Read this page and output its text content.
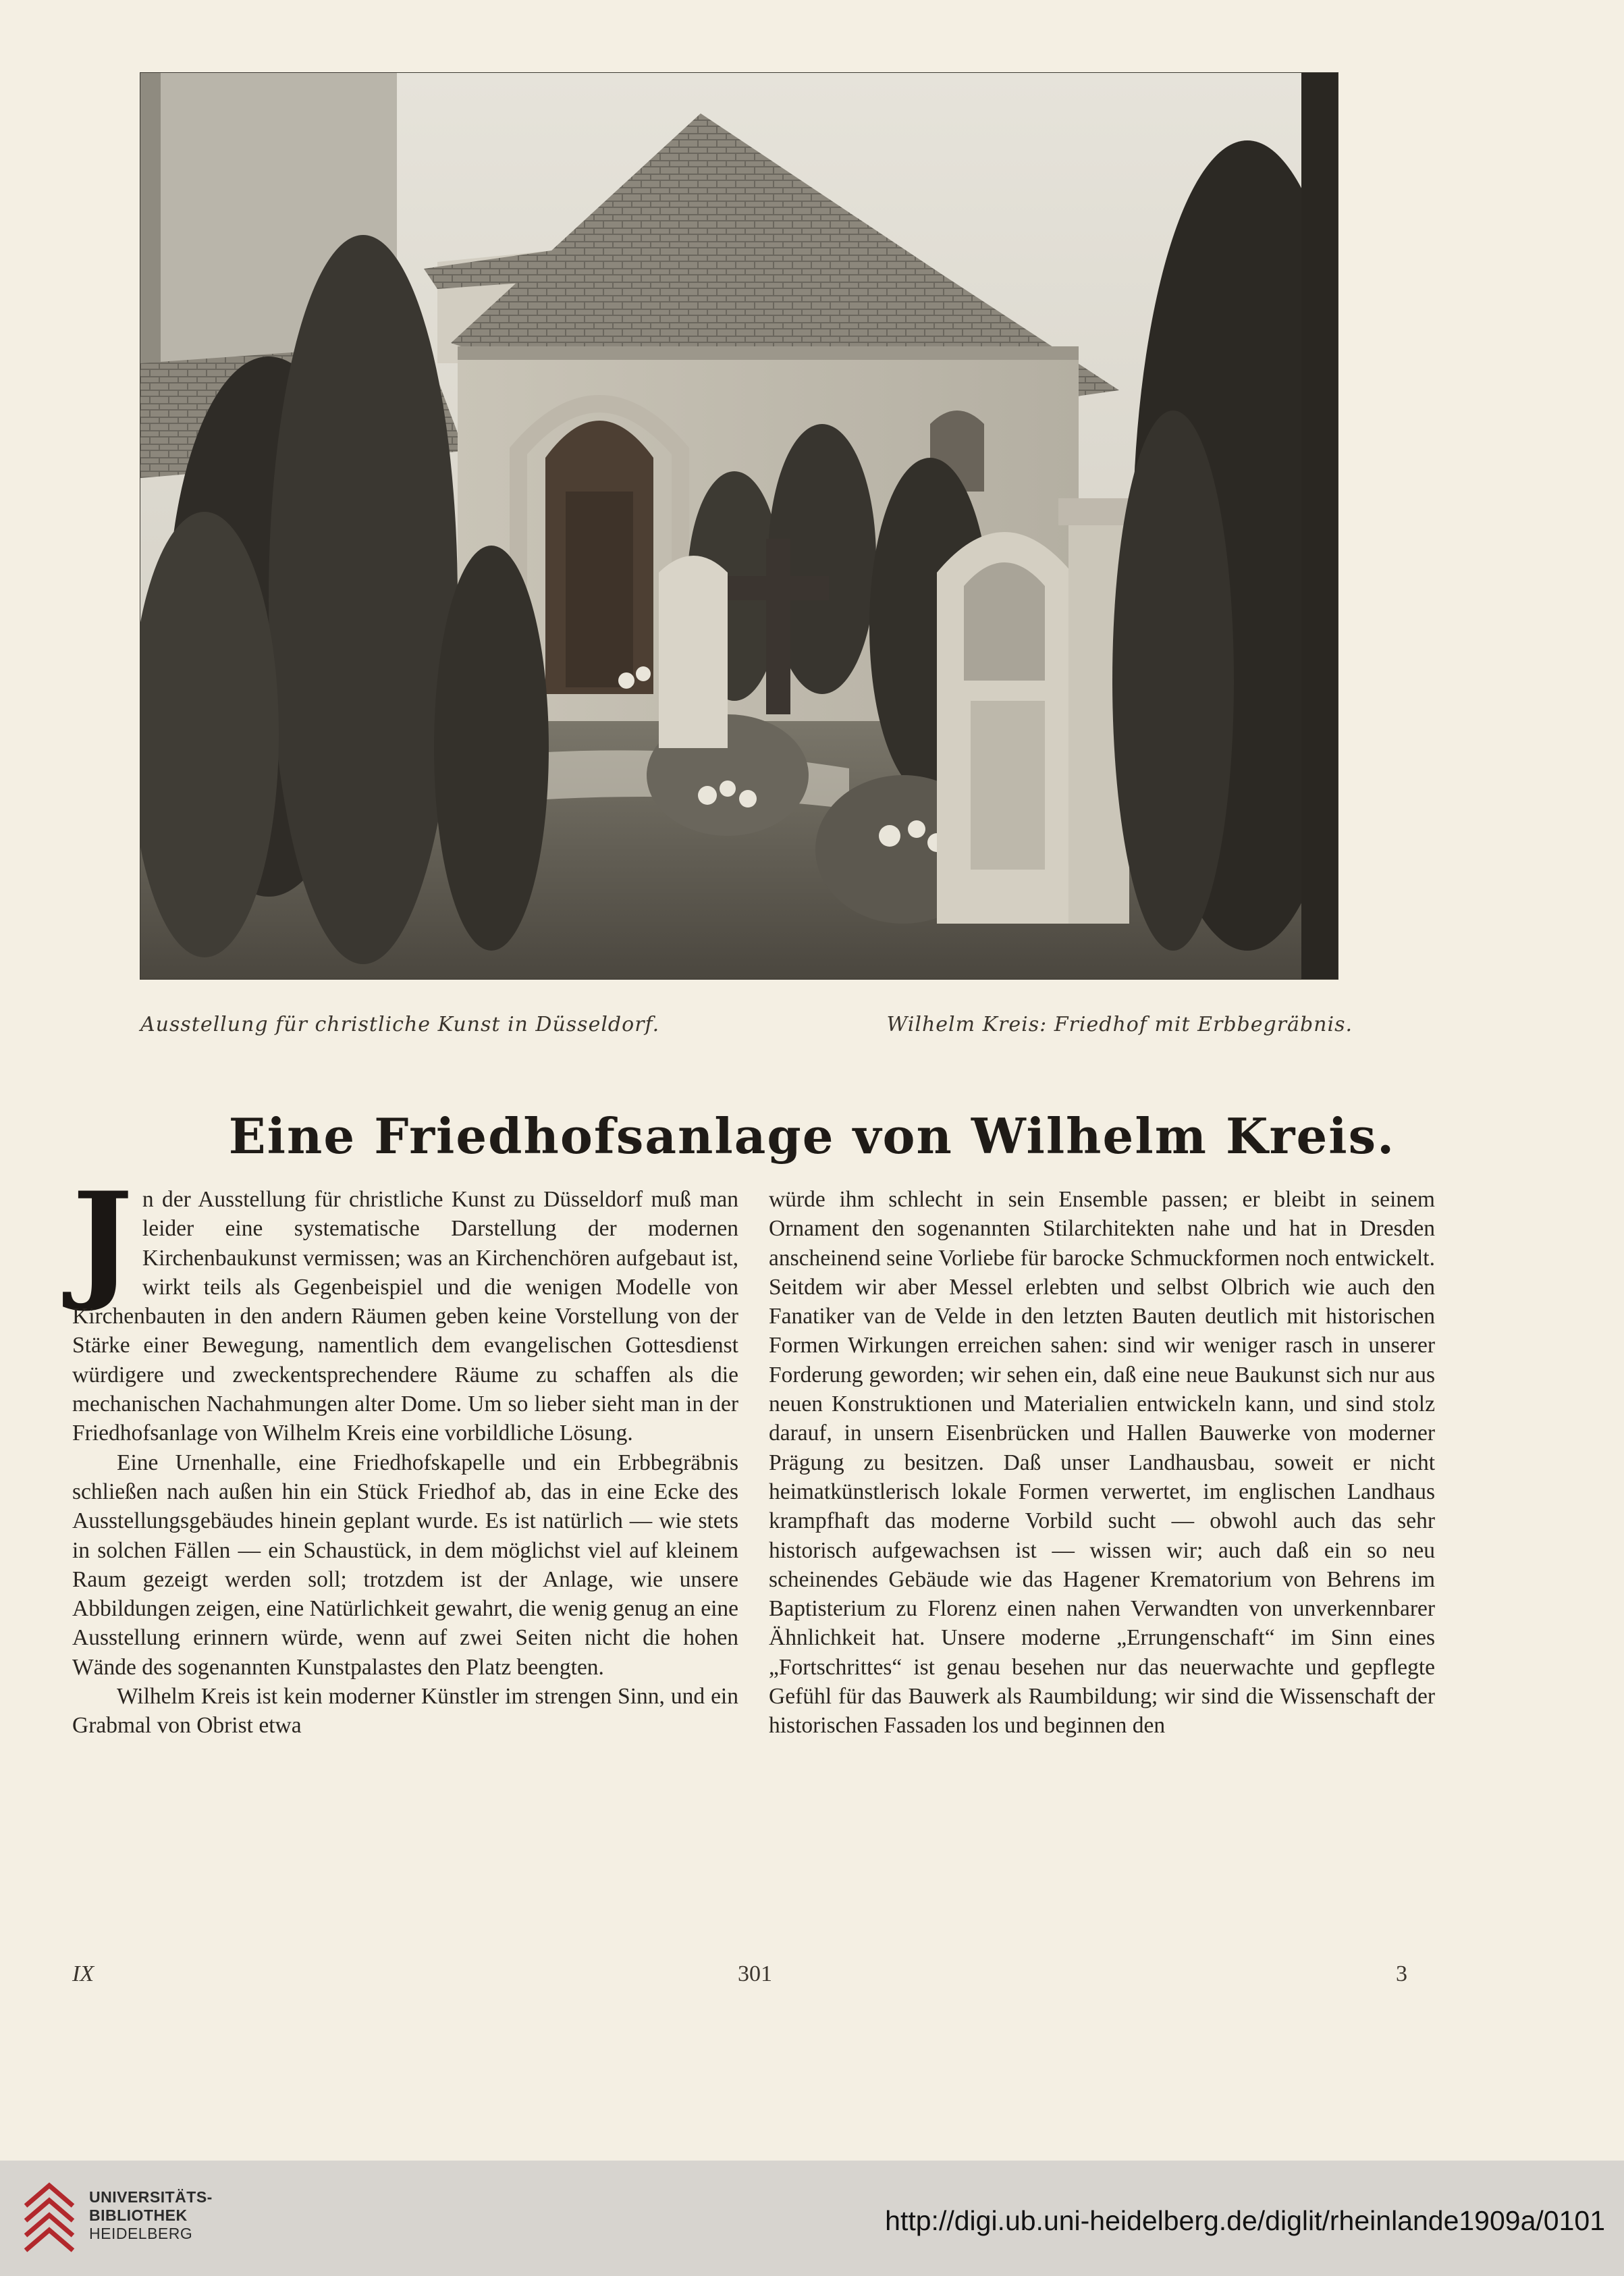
Ausstellung für christliche Kunst in Düsseldorf.	Wilhelm Kreis: Friedhof mit Erbbegräbnis.
Eine Friedhofsanlage von Wilhelm Kreis.

Jn der Ausstellung für christliche Kunst zu Düsseldorf muß man leider eine systematische Darstellung der modernen Kirchenbaukunst vermissen; was an Kirchenchören aufgebaut ist, wirkt teils als Gegenbeispiel und die wenigen Modelle von Kirchenbauten in den andern Räumen geben keine Vorstellung von der Stärke einer Bewegung, namentlich dem evangelischen Gottesdienst würdigere und zweckentsprechendere Räume zu schaffen als die mechanischen Nachahmungen alter Dome. Um so lieber sieht man in der Friedhofsanlage von Wilhelm Kreis eine vorbildliche Lösung.

Eine Urnenhalle, eine Friedhofskapelle und ein Erbbegräbnis schließen nach außen hin ein Stück Friedhof ab, das in eine Ecke des Ausstellungsgebäudes hinein geplant wurde. Es ist natürlich — wie stets in solchen Fällen — ein Schaustück, in dem möglichst viel auf kleinem Raum gezeigt werden soll; trotzdem ist der Anlage, wie unsere Abbildungen zeigen, eine Natürlichkeit gewahrt, die wenig genug an eine Ausstellung erinnern würde, wenn auf zwei Seiten nicht die hohen Wände des sogenannten Kunstpalastes den Platz beengten.

Wilhelm Kreis ist kein moderner Künstler im strengen Sinn, und ein Grabmal von Obrist etwa

würde ihm schlecht in sein Ensemble passen; er bleibt in seinem Ornament den sogenannten Stilarchitekten nahe und hat in Dresden anscheinend seine Vorliebe für barocke Schmuckformen noch entwickelt. Seitdem wir aber Messel erlebten und selbst Olbrich wie auch den Fanatiker van de Velde in den letzten Bauten deutlich mit historischen Formen Wirkungen erreichen sahen: sind wir weniger rasch in unserer Forderung geworden; wir sehen ein, daß eine neue Baukunst sich nur aus neuen Konstruktionen und Materialien entwickeln kann, und sind stolz darauf, in unsern Eisenbrücken und Hallen Bauwerke von moderner Prägung zu besitzen. Daß unser Landhausbau, soweit er nicht heimatkünstlerisch lokale Formen verwertet, im englischen Landhaus krampfhaft das moderne Vorbild sucht — obwohl auch das sehr historisch aufgewachsen ist — wissen wir; auch daß ein so neu scheinendes Gebäude wie das Hagener Krematorium von Behrens im Baptisterium zu Florenz einen nahen Verwandten von unverkennbarer Ähnlichkeit hat. Unsere moderne „Errungenschaft“ im Sinn eines „Fortschrittes“ ist genau besehen nur das neuerwachte und gepflegte Gefühl für das Bauwerk als Raumbildung; wir sind die Wissenschaft der historischen Fassaden los und beginnen den

IX	301	3
UNIVERSITÄTS-
BIBLIOTHEK
HEIDELBERG	http://digi.ub.uni-heidelberg.de/diglit/rheinlande1909a/0101
